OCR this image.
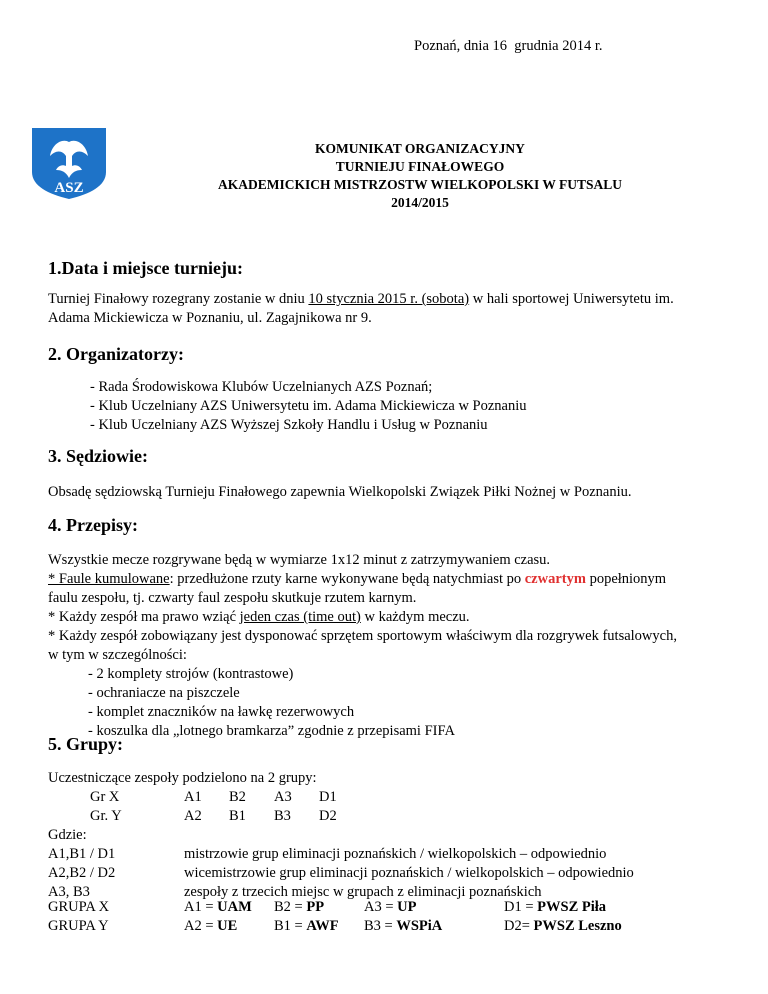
Poznań, dnia 16  grudnia 2014 r.
ASZ
KOMUNIKAT ORGANIZACYJNY
TURNIEJU FINAŁOWEGO
AKADEMICKICH MISTRZOSTW WIELKOPOLSKI W FUTSALU
2014/2015
1.Data i miejsce turnieju:
Turniej Finałowy rozegrany zostanie w dniu 10 stycznia 2015 r. (sobota) w hali sportowej Uniwersytetu im.
Adama Mickiewicza w Poznaniu, ul. Zagajnikowa nr 9.
2. Organizatorzy:
- Rada Środowiskowa Klubów Uczelnianych AZS Poznań;
- Klub Uczelniany AZS Uniwersytetu im. Adama Mickiewicza w Poznaniu
- Klub Uczelniany AZS Wyższej Szkoły Handlu i Usług w Poznaniu
3. Sędziowie:
Obsadę sędziowską Turnieju Finałowego zapewnia Wielkopolski Związek Piłki Nożnej w Poznaniu.
4. Przepisy:
Wszystkie mecze rozgrywane będą w wymiarze 1x12 minut z zatrzymywaniem czasu.
* Faule kumulowane: przedłużone rzuty karne wykonywane będą natychmiast po czwartym popełnionym
faulu zespołu, tj. czwarty faul zespołu skutkuje rzutem karnym.
* Każdy zespół ma prawo wziąć jeden czas (time out) w każdym meczu.
* Każdy zespół zobowiązany jest dysponować sprzętem sportowym właściwym dla rozgrywek futsalowych,
w tym w szczególności:
- 2 komplety strojów (kontrastowe)
- ochraniacze na piszczele
- komplet znaczników na ławkę rezerwowych
- koszulka dla „lotnego bramkarza” zgodnie z przepisami FIFA
5. Grupy:
Uczestniczące zespoły podzielono na 2 grupy:
Gr X	A1 B2 A3 D1
Gr. Y	A2 B1 B3 D2
Gdzie:
A1,B1 / D1	mistrzowie grup eliminacji poznańskich / wielkopolskich – odpowiednio
A2,B2 / D2	wicemistrzowie grup eliminacji poznańskich / wielkopolskich – odpowiednio
A3, B3	zespoły z trzecich miejsc w grupach z eliminacji poznańskich
GRUPA X	A1 = UAM B2 = PP	A3 = UP	D1 = PWSZ Piła
GRUPA Y	A2 = UE	B1 = AWF B3 = WSPiA	D2= PWSZ Leszno
